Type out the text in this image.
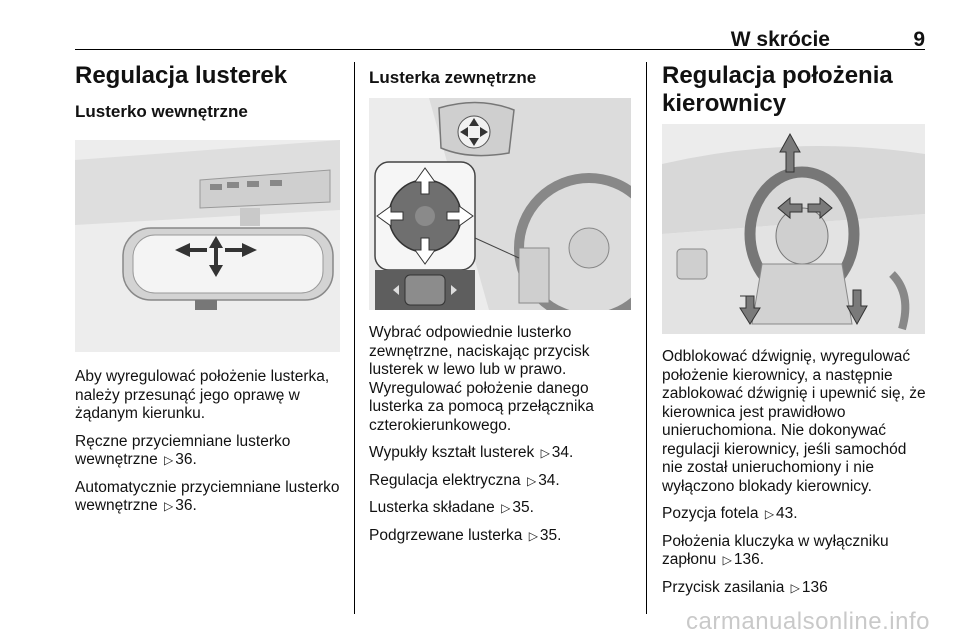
W skrócie	9
Regulacja lusterek
Lusterko wewnętrzne

Aby wyregulować położenie lusterka, należy przesunąć jego oprawę w żądanym kierunku.

Ręczne przyciemniane lusterko wewnętrzne ▷ 36.

Automatycznie przyciemniane lusterko wewnętrzne ▷ 36.

Lusterka zewnętrzne

Wybrać odpowiednie lusterko zewnętrzne, naciskając przycisk lusterek w lewo lub w prawo. Wyregulować położenie danego lusterka za pomocą przełącznika czterokierunkowego.

Wypukły kształt lusterek ▷ 34.

Regulacja elektryczna ▷ 34.

Lusterka składane ▷ 35.

Podgrzewane lusterka ▷ 35.

Regulacja położenia kierownicy

Odblokować dźwignię, wyregulować położenie kierownicy, a następnie zablokować dźwignię i upewnić się, że kierownica jest prawidłowo unieruchomiona. Nie dokonywać regulacji kierownicy, jeśli samochód nie został unieruchomiony i nie wyłączono blokady kierownicy.

Pozycja fotela ▷ 43.

Położenia kluczyka w wyłączniku zapłonu ▷ 136.

Przycisk zasilania ▷ 136

carmanualsonline.info
